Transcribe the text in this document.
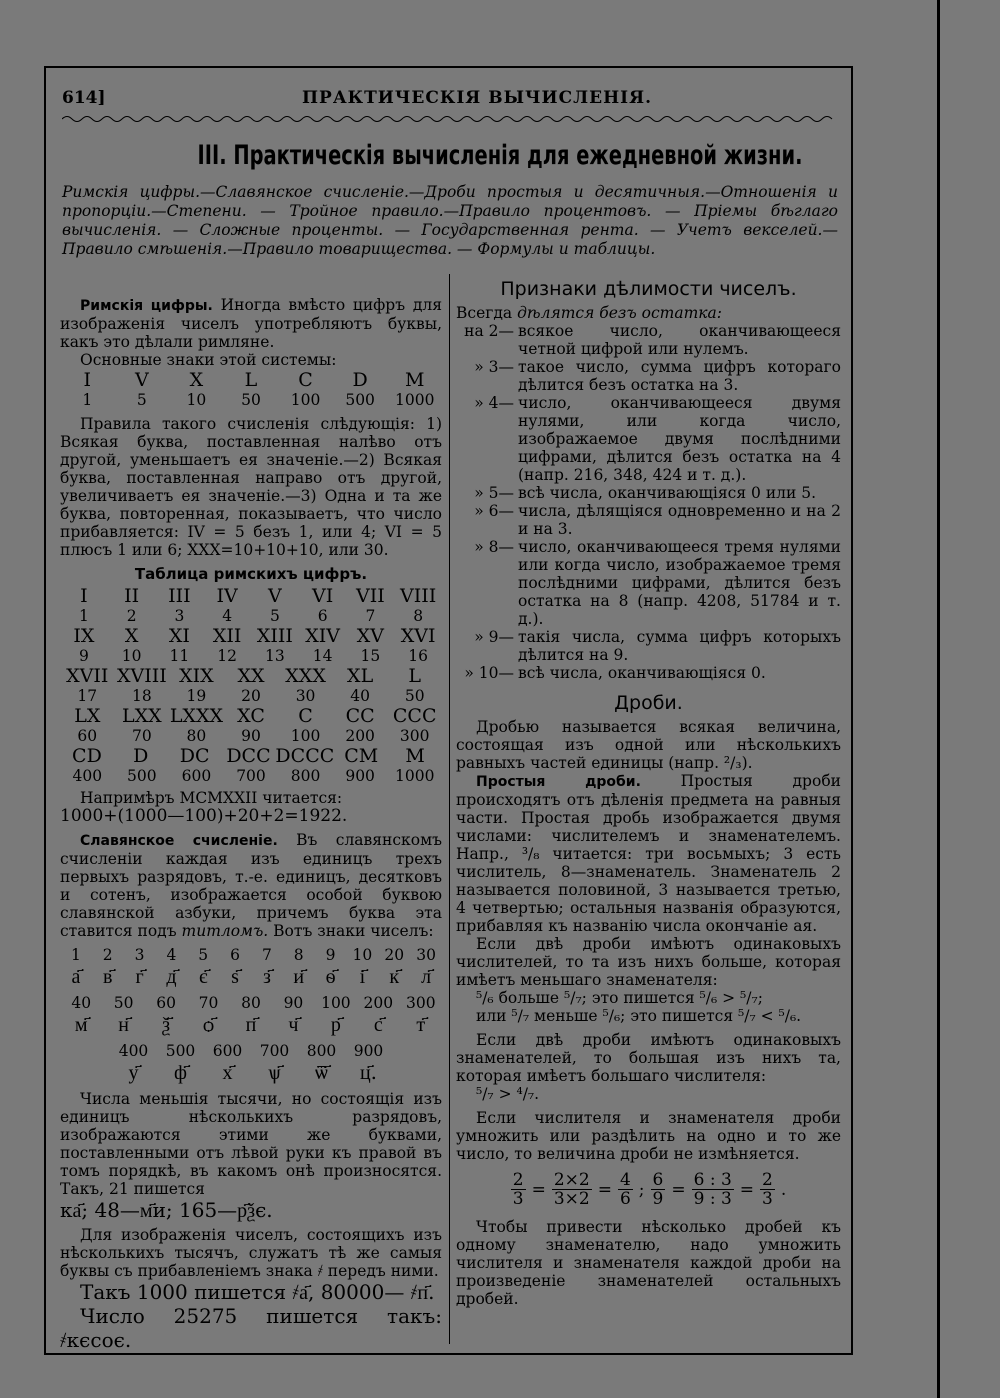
614]	ПРАКТИЧЕСКІЯ ВЫЧИСЛЕНІЯ.
III. Практическія вычисленія для ежедневной жизни.
Римскія цифры.—Славянское счисленіе.—Дроби простыя и десятичныя.—Отношенія и пропорціи.—Степени. — Тройное правило.—Правило процентовъ. — Пріемы бѣглаго вычисленія. — Сложные проценты. — Государственная рента. — Учетъ векселей.—Правило смѣшенія.—Правило товарищества. — Формулы и таблицы.

Римскія цифры. Иногда вмѣсто цифръ для изображенія чиселъ употребляютъ буквы, какъ это дѣлали римляне.

Основные знаки этой системы:

I	V	X	L	C	D	M
1	5	10	50	100	500	1000

Правила такого счисленія слѣдующія: 1) Всякая буква, поставленная налѣво отъ другой, уменьшаетъ ея значеніе.—2) Всякая буква, поставленная направо отъ другой, увеличиваетъ ея значеніе.—3) Одна и та же буква, повторенная, показываетъ, что число прибавляется: IV = 5 безъ 1, или 4; VI = 5 плюсъ 1 или 6; XXX=10+10+10, или 30.

Таблица римскихъ цифръ.
I	II	III	IV	V	VI	VII VIII
1	2	3	4	5	6	7	8
IX	X	XI	XII XIII XIV XV XVI
9	10	11	12	13	14	15	16
XVII XVIII XIX	XX	XXX	XL	L
17	18	19	20	30	40	50
LX	LXX LXXX XC	C	CC CCC
60	70	80	90	100	200	300
CD	D	DC DCC DCCC CM	M
400	500	600	700	800	900	1000

Напримѣръ MCMXXII читается:

1000+(1000—100)+20+2=1922.

Славянское счисленіе. Въ славянскомъ счисленіи каждая изъ единицъ трехъ первыхъ разрядовъ, т.-е. единицъ, десятковъ и сотенъ, изображается особой буквою славянской азбуки, причемъ буква эта ставится подъ титломъ. Вотъ знаки чиселъ:

1	2	3	4	5	6	7	8	9	10 20 30
а҃	в҃	г҃	д҃	є҃	ѕ҃	з҃	и҃	ѳ҃	і҃	к҃	л҃
40	50	60	70	80	90	100 200 300
м҃	н҃	ѯ҃	ѻ҃	п҃	ч҃	р҃	с҃	т҃
400	500	600	700	800	900
у҃	ф҃	х҃	ѱ҃	ѿ҃	ц҃.

Числа меньшія тысячи, но состоящія изъ единицъ нѣсколькихъ разрядовъ, изображаются этими же буквами, поставленными отъ лѣвой руки къ правой въ томъ порядкѣ, въ какомъ онѣ произносятся. Такъ, 21 пишется

ка҃; 48—м҃и; 165—р҃ѯє.

Для изображенія чиселъ, состоящихъ изъ нѣсколькихъ тысячъ, служатъ тѣ же самыя буквы съ прибавленіемъ знака ҂ передъ ними.

Такъ 1000 пишется ҂а҃, 80000— ҂п҃.

Число 25275 пишется такъ: ҂кєсоє.

Признаки дѣлимости чиселъ.

Всегда дѣлятся безъ остатка:

на 2— всякое число, оканчивающееся четной цифрой или нулемъ.
» 3— такое число, сумма цифръ котораго дѣлится безъ остатка на 3.
» 4— число, оканчивающееся двумя нулями, или когда число, изображаемое двумя послѣдними цифрами, дѣлится безъ остатка на 4 (напр. 216, 348, 424 и т. д.).
» 5— всѣ числа, оканчивающіяся 0 или 5.
» 6— числа, дѣлящіяся одновременно и на 2 и на 3.
» 8— число, оканчивающееся тремя нулями или когда число, изображаемое тремя послѣдними цифрами, дѣлится безъ остатка на 8 (напр. 4208, 51784 и т. д.).
» 9— такія числа, сумма цифръ которыхъ дѣлится на 9.
» 10— всѣ числа, оканчивающіяся 0.
Дроби.

Дробью называется всякая величина, состоящая изъ одной или нѣсколькихъ равныхъ частей единицы (напр. ²/₃).

Простыя дроби.	Простыя дроби происходятъ отъ дѣленія предмета на равныя части. Простая дробь изображается двумя числами: числителемъ и знаменателемъ. Напр., ³/₈ читается: три восьмыхъ; 3 есть числитель, 8—знаменатель. Знаменатель 2 называется половиной, 3 называется третью, 4 четвертью; остальныя названія образуются, прибавляя къ названію числа окончаніе ая.

Если двѣ дроби имѣютъ одинаковыхъ числителей, то та изъ нихъ больше, которая имѣетъ меньшаго знаменателя:

⁵/₆ больше ⁵/₇; это пишется ⁵/₆ > ⁵/₇;

или ⁵/₇ меньше ⁵/₆; это пишется ⁵/₇ < ⁵/₆.

Если двѣ дроби имѣютъ одинаковыхъ знаменателей, то большая изъ нихъ та, которая имѣетъ большаго числителя:

⁵/₇ > ⁴/₇.

Если числителя и знаменателя дроби умножить или раздѣлить на одно и то же число, то величина дроби не измѣняется.

$\frac{2}{3} = \frac{2\times 2}{3\times 2} = \frac{4}{6}$ ; $\frac{6}{9} = \frac{6 : 3}{9 : 3} = \frac{2}{3}$ .

Чтобы привести нѣсколько дробей къ одному знаменателю, надо умножить числителя и знаменателя каждой дроби на произведеніе знаменателей остальныхъ дробей.
